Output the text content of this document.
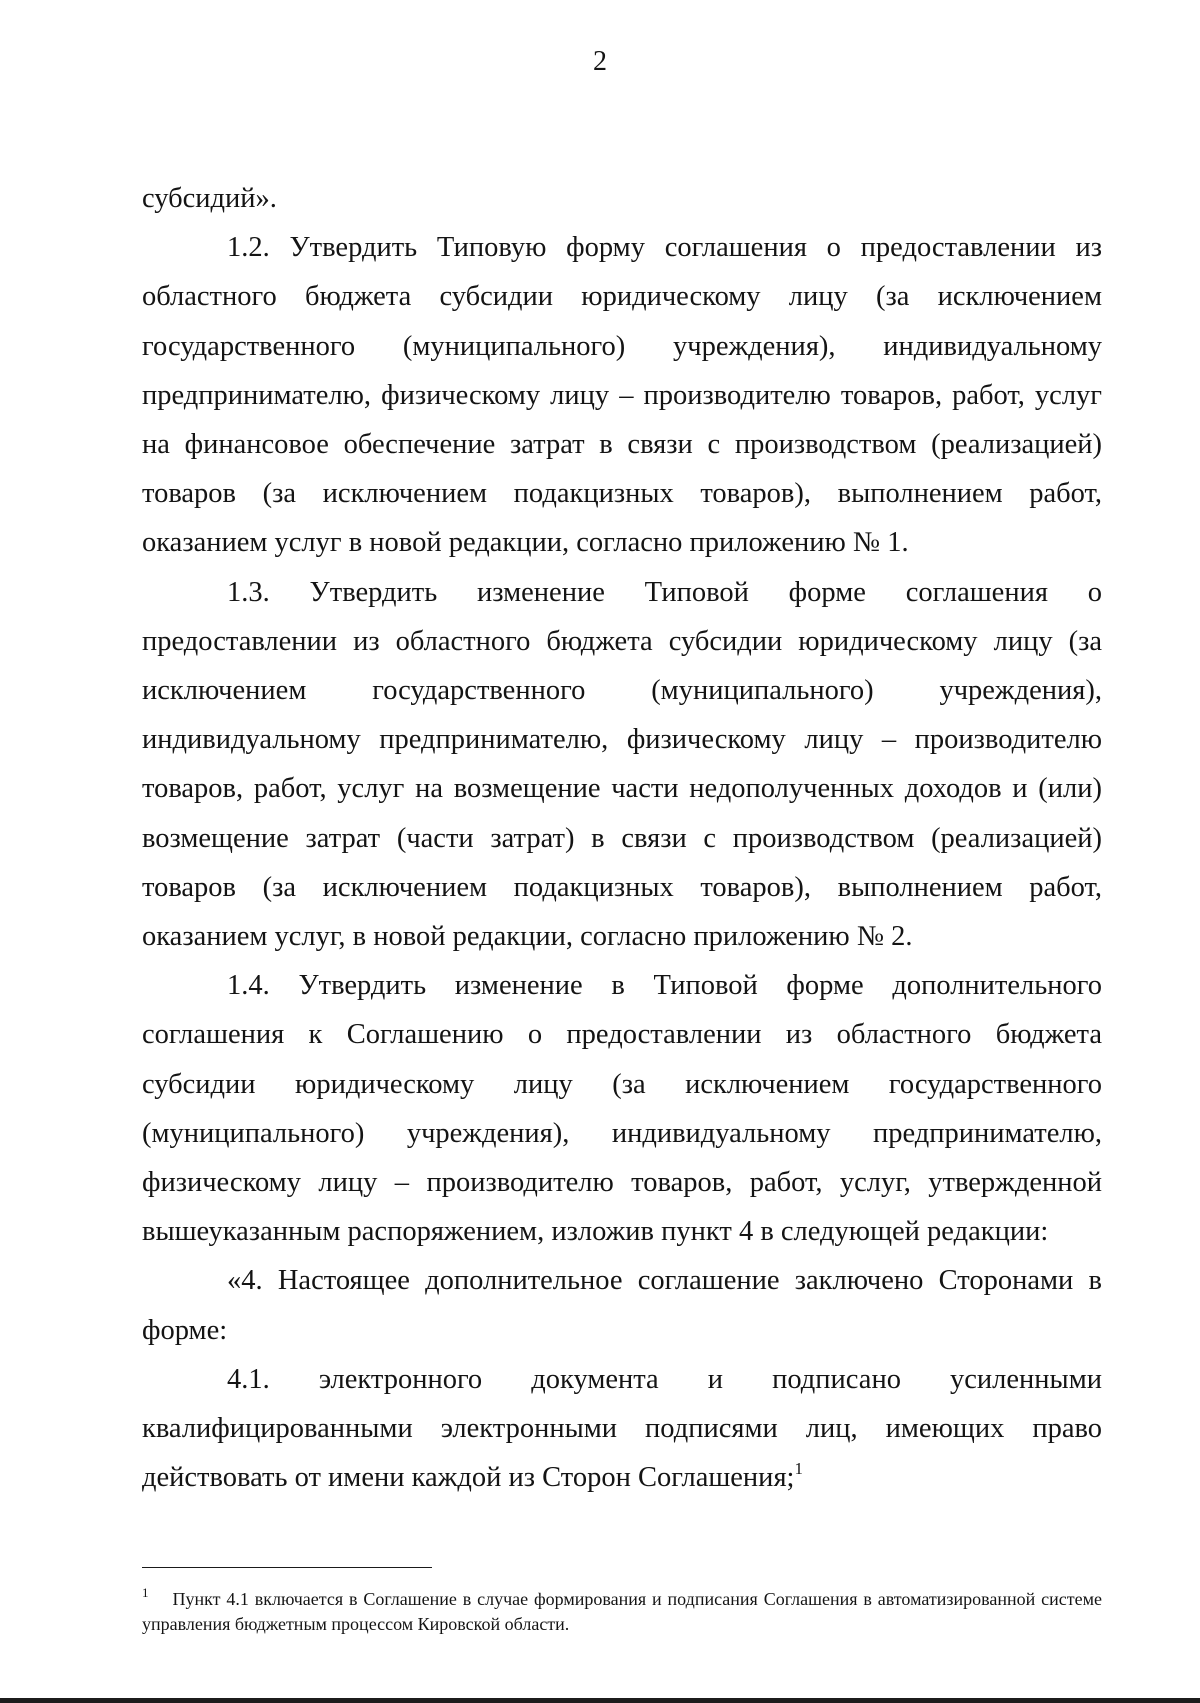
2

субсидий».

1.2. Утвердить Типовую форму соглашения о предоставлении из областного бюджета субсидии юридическому лицу (за исключением государственного (муниципального) учреждения), индивидуальному предпринимателю, физическому лицу – производителю товаров, работ, услуг на финансовое обеспечение затрат в связи с производством (реализацией) товаров (за исключением подакцизных товаров), выполнением работ, оказанием услуг в новой редакции, согласно приложению № 1.

1.3. Утвердить изменение Типовой форме соглашения о предоставлении из областного бюджета субсидии юридическому лицу (за исключением государственного (муниципального) учреждения), индивидуальному предпринимателю, физическому лицу – производителю товаров, работ, услуг на возмещение части недополученных доходов и (или) возмещение затрат (части затрат) в связи с производством (реализацией) товаров (за исключением подакцизных товаров), выполнением работ, оказанием услуг, в новой редакции, согласно приложению № 2.

1.4. Утвердить изменение в Типовой форме дополнительного соглашения к Соглашению о предоставлении из областного бюджета субсидии юридическому лицу (за исключением государственного (муниципального) учреждения), индивидуальному предпринимателю, физическому лицу – производителю товаров, работ, услуг, утвержденной вышеуказанным распоряжением, изложив пункт 4 в следующей редакции:

«4. Настоящее дополнительное соглашение заключено Сторонами в форме:

4.1. электронного документа и подписано усиленными квалифицированными электронными подписями лиц, имеющих право действовать от имени каждой из Сторон Соглашения;$^1$

$^1$ Пункт 4.1 включается в Соглашение в случае формирования и подписания Соглашения в автоматизированной системе управления бюджетным процессом Кировской области.
